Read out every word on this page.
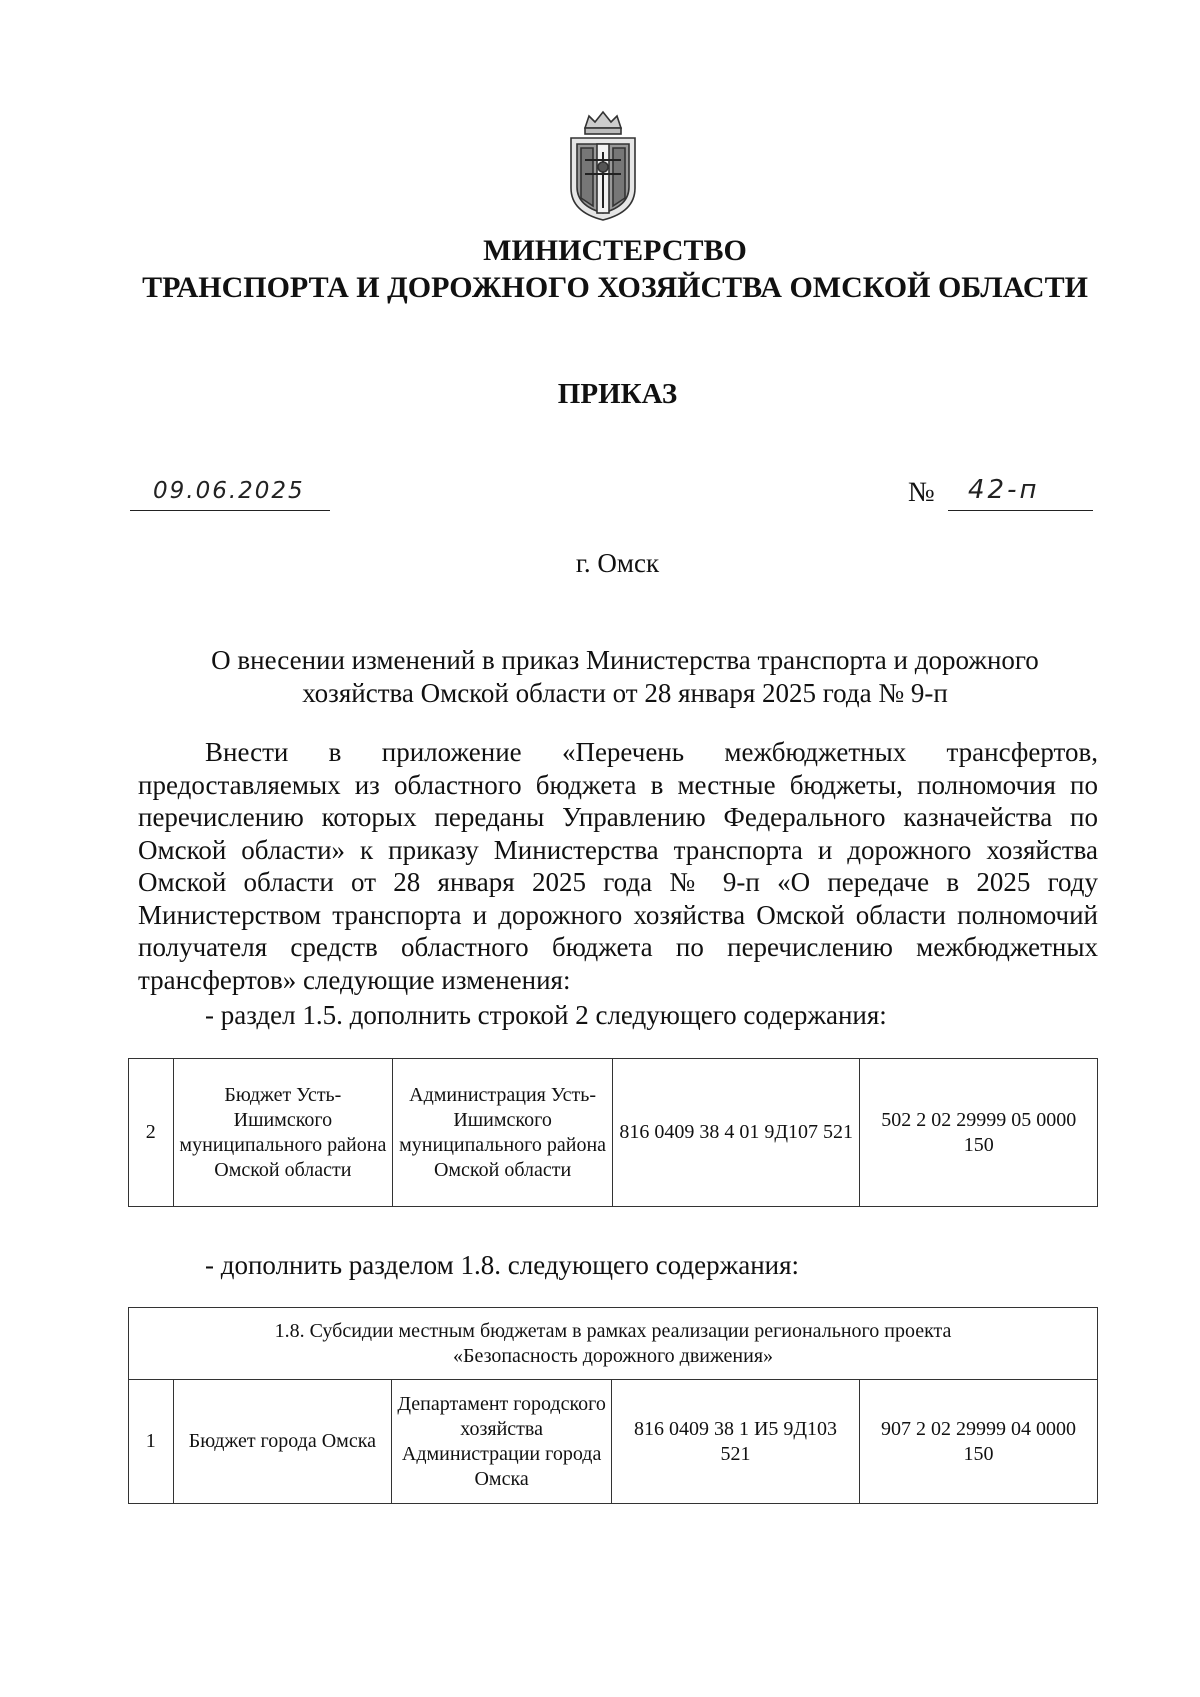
МИНИСТЕРСТВО
ТРАНСПОРТА И ДОРОЖНОГО ХОЗЯЙСТВА ОМСКОЙ ОБЛАСТИ
ПРИКАЗ
09.06.2025	№ 42-п
г. Омск
О внесении изменений в приказ Министерства транспорта и дорожного
хозяйства Омской области от 28 января 2025 года № 9-п

Внести в приложение «Перечень межбюджетных трансфертов, предоставляемых из областного бюджета в местные бюджеты, полномочия по перечислению которых переданы Управлению Федерального казначейства по Омской области» к приказу Министерства транспорта и дорожного хозяйства Омской области от 28 января 2025 года № 9-п «О передаче в 2025 году Министерством транспорта и дорожного хозяйства Омской области полномочий получателя средств областного бюджета по перечислению межбюджетных трансфертов» следующие изменения:

- раздел 1.5. дополнить строкой 2 следующего содержания:
2	Бюджет Усть-Ишимского муниципального района Омской области	Администрация Усть-Ишимского муниципального района Омской области	816 0409 38 4 01 9Д107 521	502 2 02 29999 05 0000 150
- дополнить разделом 1.8. следующего содержания:
1.8. Субсидии местным бюджетам в рамках реализации регионального проекта «Безопасность дорожного движения»
1	Бюджет города Омска	Департамент городского хозяйства Администрации города Омска	816 0409 38 1 И5 9Д103 521	907 2 02 29999 04 0000 150
